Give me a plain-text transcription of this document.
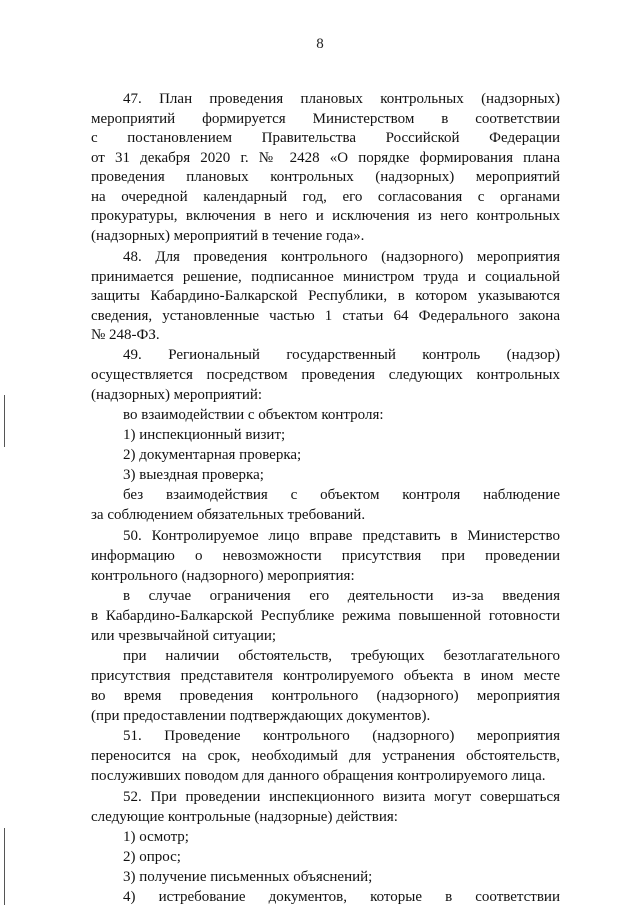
8
47. План проведения плановых контрольных (надзорных)
мероприятий формируется Министерством в соответствии
с постановлением Правительства Российской Федерации
от 31 декабря 2020 г. № 2428 «О порядке формирования плана
проведения плановых контрольных (надзорных) мероприятий
на очередной календарный год, его согласования с органами
прокуратуры, включения в него и исключения из него контрольных
(надзорных) мероприятий в течение года».
48. Для проведения контрольного (надзорного) мероприятия
принимается решение, подписанное министром труда и социальной
защиты Кабардино-Балкарской Республики, в котором указываются
сведения, установленные частью 1 статьи 64 Федерального закона
№ 248-ФЗ.
49. Региональный государственный контроль (надзор)
осуществляется посредством проведения следующих контрольных
(надзорных) мероприятий:
во взаимодействии с объектом контроля:
1) инспекционный визит;
2) документарная проверка;
3) выездная проверка;
без взаимодействия с объектом контроля наблюдение
за соблюдением обязательных требований.
50. Контролируемое лицо вправе представить в Министерство
информацию о невозможности присутствия при проведении
контрольного (надзорного) мероприятия:
в случае ограничения его деятельности из-за введения
в Кабардино-Балкарской Республике режима повышенной готовности
или чрезвычайной ситуации;
при наличии обстоятельств, требующих безотлагательного
присутствия представителя контролируемого объекта в ином месте
во время проведения контрольного (надзорного) мероприятия
(при предоставлении подтверждающих документов).
51. Проведение контрольного (надзорного) мероприятия
переносится на срок, необходимый для устранения обстоятельств,
послуживших поводом для данного обращения контролируемого лица.
52. При проведении инспекционного визита могут совершаться
следующие контрольные (надзорные) действия:
1) осмотр;
2) опрос;
3) получение письменных объяснений;
4) истребование документов, которые в соответствии
